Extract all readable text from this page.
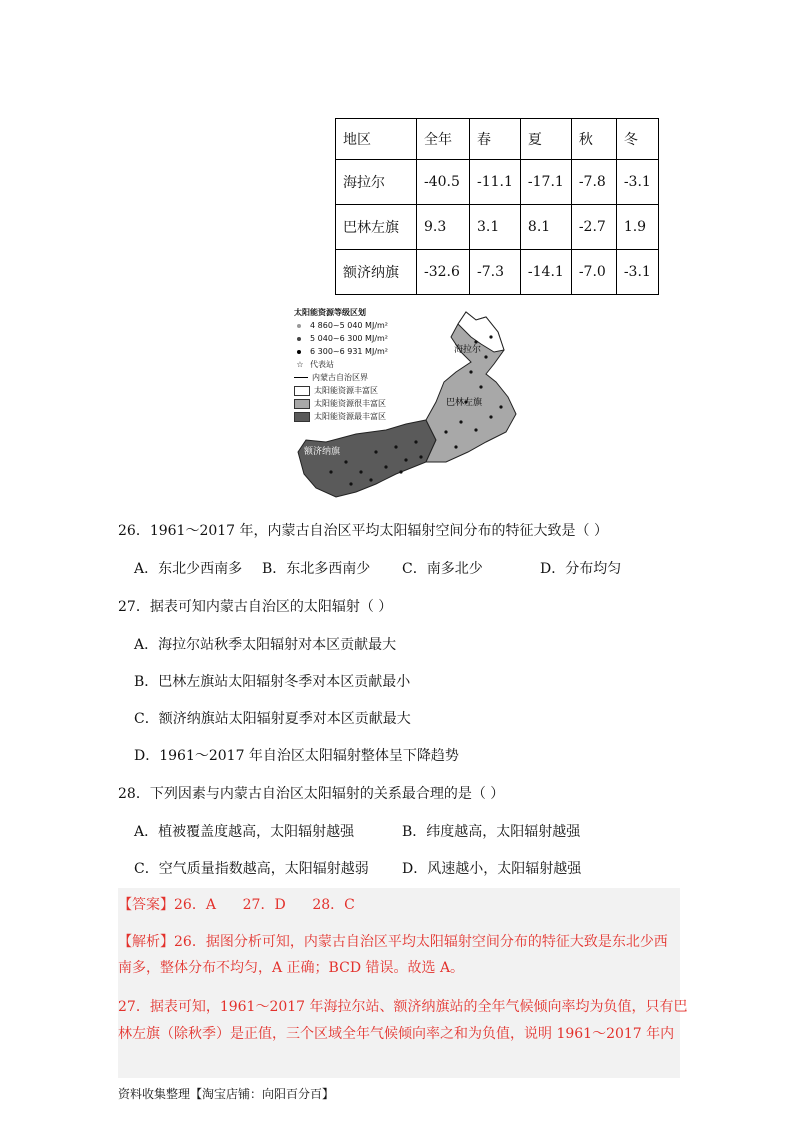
地区	全年	春	夏	秋	冬
海拉尔	-40.5	-11.1	-17.1	-7.8	-3.1
巴林左旗	9.3	3.1	8.1	-2.7	1.9
额济纳旗	-32.6	-7.3	-14.1	-7.0	-3.1
海拉尔
巴林左旗
额济纳旗
太阳能资源等级区划
4 860~5 040 MJ/m²
5 040~6 300 MJ/m²
6 300~6 931 MJ/m²
☆ 代表站
内蒙古自治区界
太阳能资源丰富区
太阳能资源很丰富区
太阳能资源最丰富区
26．1961～2017 年，内蒙古自治区平均太阳辐射空间分布的特征大致是（ ）
A．东北少西南多 B．东北多西南少 C．南多北少	D．分布均匀
27．据表可知内蒙古自治区的太阳辐射（ ）
A．海拉尔站秋季太阳辐射对本区贡献最大
B．巴林左旗站太阳辐射冬季对本区贡献最小
C．额济纳旗站太阳辐射夏季对本区贡献最大
D．1961～2017 年自治区太阳辐射整体呈下降趋势
28．下列因素与内蒙古自治区太阳辐射的关系最合理的是（ ）
A．植被覆盖度越高，太阳辐射越强	B．纬度越高，太阳辐射越强
C．空气质量指数越高，太阳辐射越弱 D．风速越小，太阳辐射越强
【答案】26．A      27．D      28．C
【解析】26．据图分析可知，内蒙古自治区平均太阳辐射空间分布的特征大致是东北少西
南多，整体分布不均匀，A 正确；BCD 错误。故选 A。
27．据表可知，1961～2017 年海拉尔站、额济纳旗站的全年气候倾向率均为负值，只有巴
林左旗（除秋季）是正值，三个区域全年气候倾向率之和为负值，说明 1961～2017 年内
资料收集整理【淘宝店铺：向阳百分百】
